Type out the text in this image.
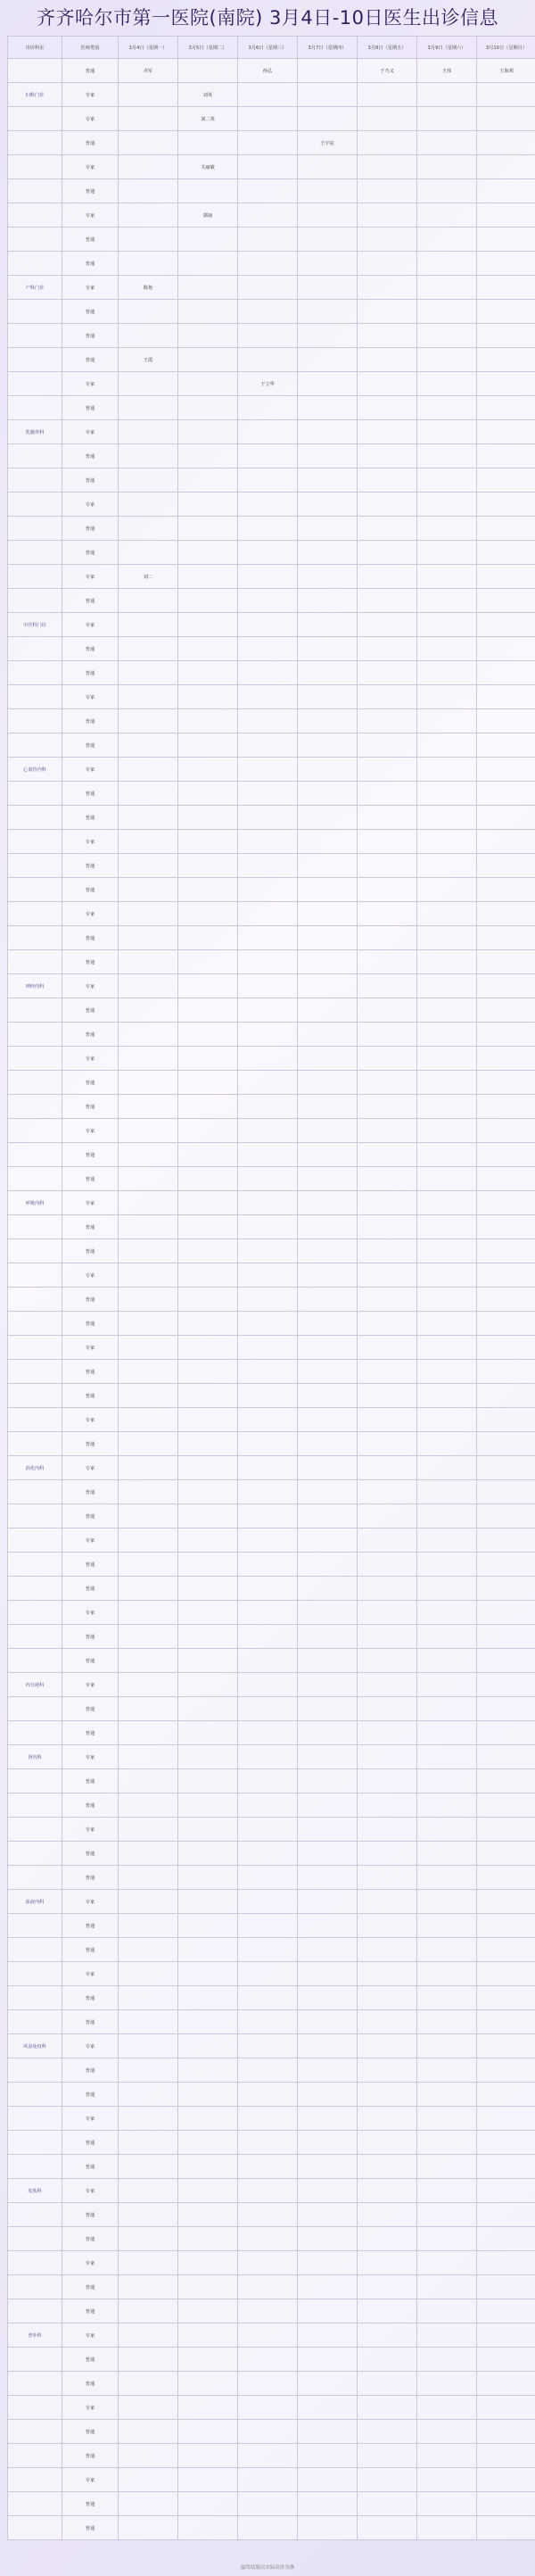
齐齐哈尔市第一医院(南院) 3月4日-10日医生出诊信息
出诊科室	医师类别	3月4日（星期一）	3月5日（星期二）	3月6日（星期三）	3月7日（星期四）	3月8日（星期五）	3月9日（星期六）	3月10日（星期日）
	普通	齐军		孙弘		于乃义	王伟	王海邦
妇科门诊	专家		刘英					
	专家		刘二英					
	普通				王宇辰			
	专家		关丽敏					
	普通							
	专家		郭丽					
	普通							
	普通							
产科门诊	专家	陈艳						
	普通							
	普通							
	普通	王霞						
	专家			于立华				
	普通							
乳腺外科	专家							
	普通							
	普通							
	专家							
	普通							
	普通							
	专家	刘二						
	普通							
中医科门诊	专家							
	普通							
	普通							
	专家							
	普通							
	普通							
心血管内科	专家							
	普通							
	普通							
	专家							
	普通							
	普通							
	专家							
	普通							
	普通							
神经内科	专家							
	普通							
	普通							
	专家							
	普通							
	普通							
	专家							
	普通							
	普通							
呼吸内科	专家							
	普通							
	普通							
	专家							
	普通							
	普通							
	专家							
	普通							
	普通							
	专家							
	普通							
消化内科	专家							
	普通							
	普通							
	专家							
	普通							
	普通							
	专家							
	普通							
	普通							
内分泌科	专家							
	普通							
	普通							
肾内科	专家							
	普通							
	普通							
	专家							
	普通							
	普通							
血液内科	专家							
	普通							
	普通							
	专家							
	普通							
	普通							
风湿免疫科	专家							
	普通							
	普通							
	专家							
	普通							
	普通							
皮肤科	专家							
	普通							
	普通							
	专家							
	普通							
	普通							
普外科	专家							
	普通							
	普通							
	专家							
	普通							
	普通							
	专家							
	普通							
	普通							
最终结果以实际出诊为准
